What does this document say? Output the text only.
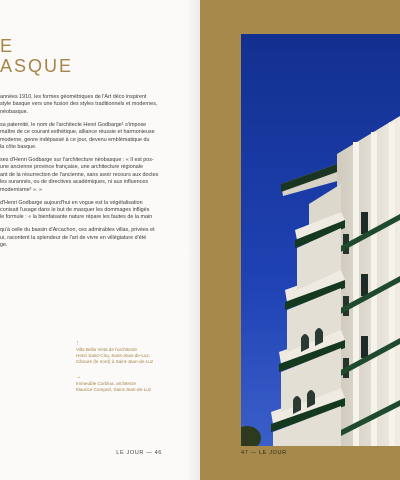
E
ASQUE

années 1910, les formes géométriques de l'Art déco inspirent
style basque vers une fusion des styles traditionnels et modernes,
néobasque.

sa paternité, le nom de l'architecte Henri Godbarge¹ s'impose
maître de ce courant esthétique, alliance réussie et harmonieuse
moderne, genre indépassé à ce jour, devenu emblématique du
la côte basque.

ses d'Henri Godbarge sur l'architecture néobasque : « Il est pos-
une ancienne province française, une architecture régionale
ant de la résurrection de l'ancienne, sans avoir recours aux doctes
les surannés, ou de directives académiques, ni aux influences
modernisme² ». »

d'Henri Godbarge aujourd'hui en vogue est la végétalisation
conisait l'usage dans le but de masquer les dommages infligés
le formule : « la bienfaisante nature répare les fautes de la main

qu'à celle du bassin d'Arcachon, ces admirables villas, privées et
ui, racontent la splendeur de l'art de vivre en villégiature d'été
ge.

↑
Villa Bella Vista de l'architecte
Henri Saint-Criq, Saint-Jean-de-Luz,
Ciboure (le nord) à Saint-Jean-de-Luz
→
Immeuble Corbina, architecte
Maurice Comprel, Saint-Jean-de-Luz
LE JOUR — 46	47 — LE JOUR
